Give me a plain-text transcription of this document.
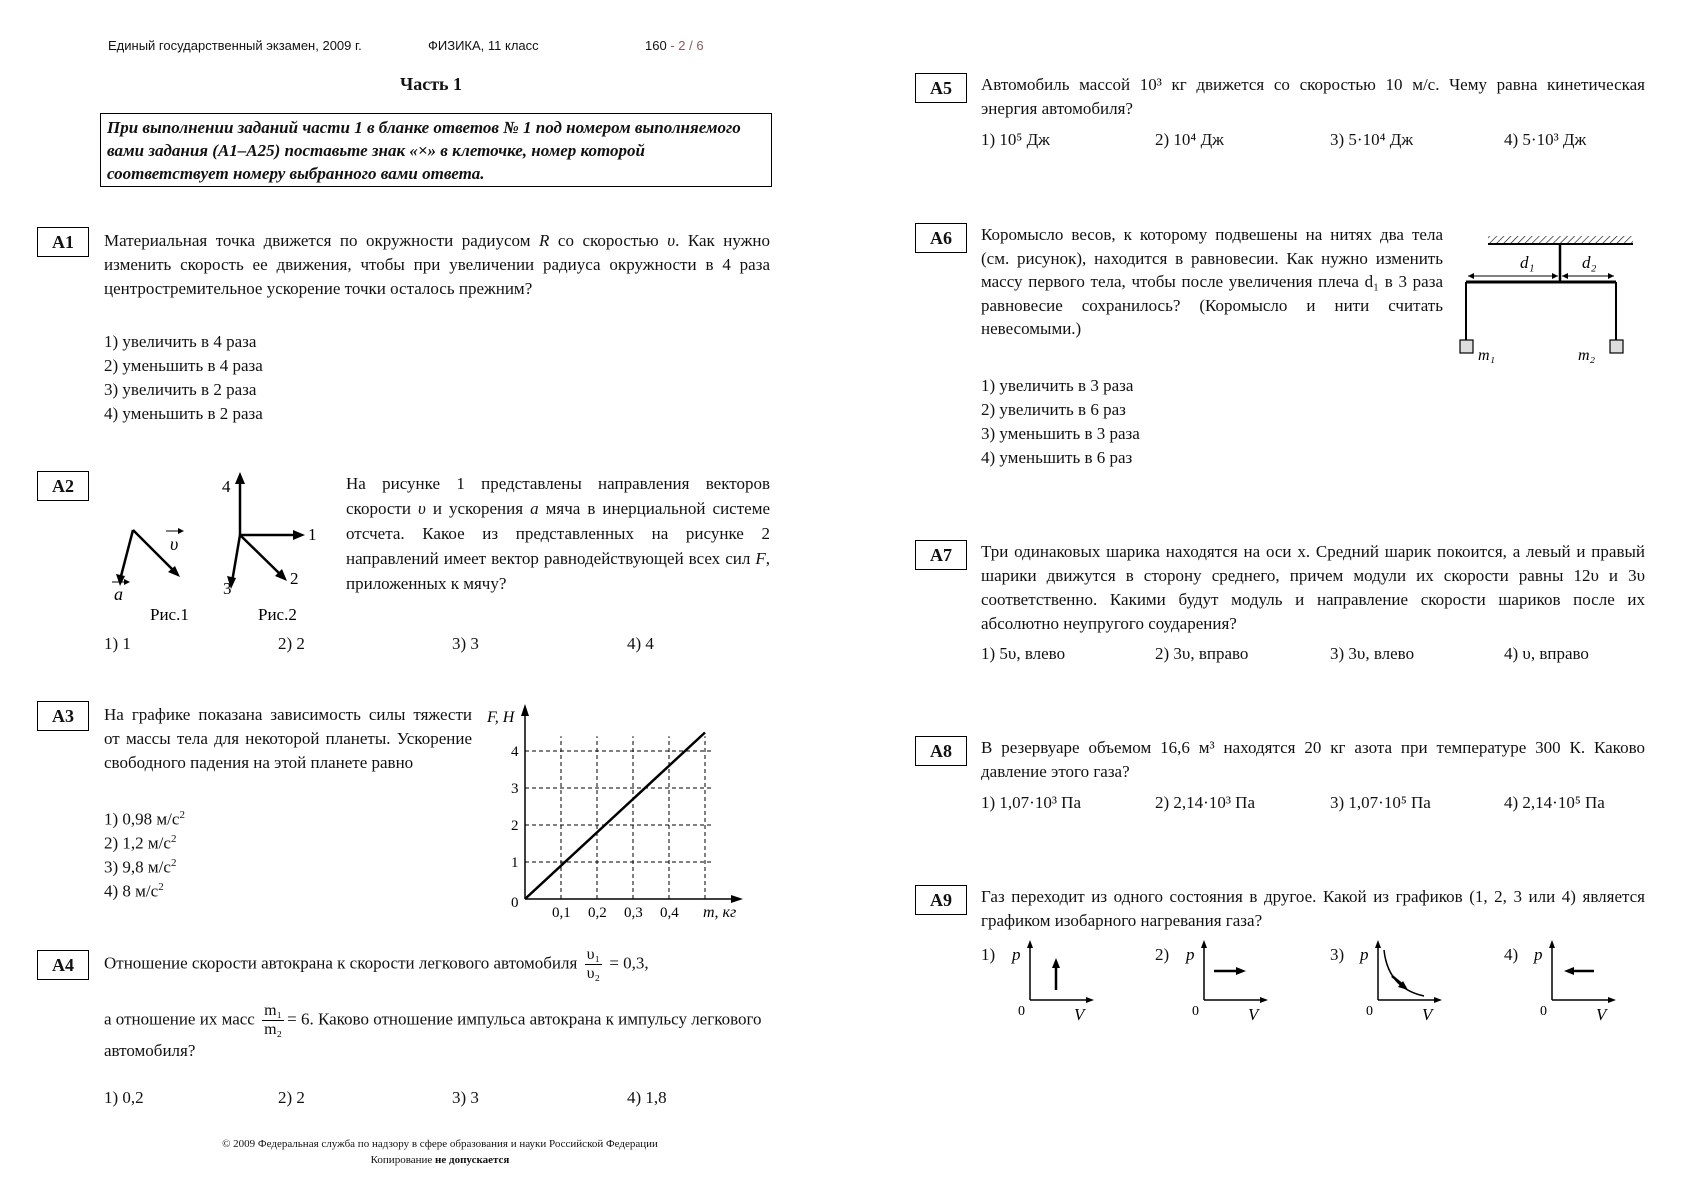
Единый государственный экзамен, 2009 г.	ФИЗИКА, 11 класс	160 - 2 / 6
Часть 1
При выполнении заданий части 1 в бланке ответов № 1 под номером выполняемого вами задания (А1–А25) поставьте знак «×» в клеточке, номер которой соответствует номеру выбранного вами ответа.
А1	Материальная точка движется по окружности радиусом R со скоростью υ. Как нужно изменить скорость ее движения, чтобы при увеличении радиуса окружности в 4 раза центростремительное ускорение точки осталось прежним?
1) увеличить в 4 раза
2) уменьшить в 4 раза
3) увеличить в 2 раза
4) уменьшить в 2 раза
А2
υ
a
Рис.1
1
2
3
4
Рис.2
На рисунке 1 представлены направления векторов скорости υ и ускорения a мяча в инерциальной системе отсчета. Какое из представленных на рисунке 2 направлений имеет вектор равнодействующей всех сил F, приложенных к мячу?
1) 1	2) 2	3) 3	4) 4
А3	На графике показана зависимость силы тяжести от массы тела для некоторой планеты. Ускорение свободного падения на этой планете равно
1) 0,98 $м/с^2$
2) 1,2 $м/с^2$
3) 9,8 $м/с^2$
4) 8 $м/с^2$
0,1 0,2 0,3 0,4
1
2
3
4
0
F, Н
m, кг
А4	Отношение скорости автокрана к скорости легкового автомобиля $\frac{\text{υ₁}}{\text{υ₂}} = 0,3$,
а отношение их масс $\frac{\text{m₁}}{\text{m₂}} = 6$. Каково отношение импульса автокрана к импульсу легкового автомобиля?
1) 0,2	2) 2	3) 3	4) 1,8
© 2009 Федеральная служба по надзору в сфере образования и науки Российской Федерации
Копирование не допускается
А5	Автомобиль массой 10³ кг движется со скоростью 10 м/с. Чему равна кинетическая энергия автомобиля?
1) 10⁵ Дж	2) 10⁴ Дж	3) 5·10⁴ Дж	4) 5·10³ Дж
А6	Коромысло весов, к которому подвешены на нитях два тела (см. рисунок), находится в равновесии. Как нужно изменить массу первого тела, чтобы после увеличения плеча d₁ в 3 раза равновесие сохранилось? (Коромысло и нити считать невесомыми.)
d₁	d₂
m₁	m₂
1) увеличить в 3 раза
2) увеличить в 6 раз
3) уменьшить в 3 раза
4) уменьшить в 6 раз
А7	Три одинаковых шарика находятся на оси x. Средний шарик покоится, а левый и правый шарики движутся в сторону среднего, причем модули их скорости равны 12υ и 3υ соответственно. Какими будут модуль и направление скорости шариков после их абсолютно неупругого соударения?
1) 5υ, влево	2) 3υ, вправо	3) 3υ, влево	4) υ, вправо
А8	В резервуаре объемом 16,6 м³ находятся 20 кг азота при температуре 300 К. Каково давление этого газа?
1) 1,07·10³ Па	2) 2,14·10³ Па	3) 1,07·10⁵ Па	4) 2,14·10⁵ Па
А9	Газ переходит из одного состояния в другое. Какой из графиков (1, 2, 3 или 4) является графиком изобарного нагревания газа?
1)	2)	3)	4)
p
V
0
p
V
0
p
V
0
p
V
0
